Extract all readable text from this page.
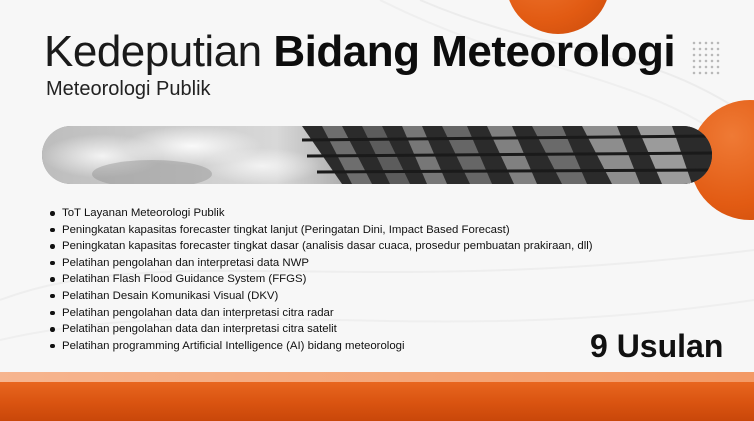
Kedeputian Bidang Meteorologi

Meteorologi Publik

ToT Layanan Meteorologi Publik
Peningkatan kapasitas forecaster tingkat lanjut (Peringatan Dini, Impact Based Forecast)
Peningkatan kapasitas forecaster tingkat dasar (analisis dasar cuaca, prosedur pembuatan prakiraan, dll)
Pelatihan pengolahan dan interpretasi data NWP
Pelatihan Flash Flood Guidance System (FFGS)
Pelatihan Desain Komunikasi Visual (DKV)
Pelatihan pengolahan data dan interpretasi citra radar
Pelatihan pengolahan data dan interpretasi citra satelit
Pelatihan programming Artificial Intelligence (AI) bidang meteorologi	9 Usulan
